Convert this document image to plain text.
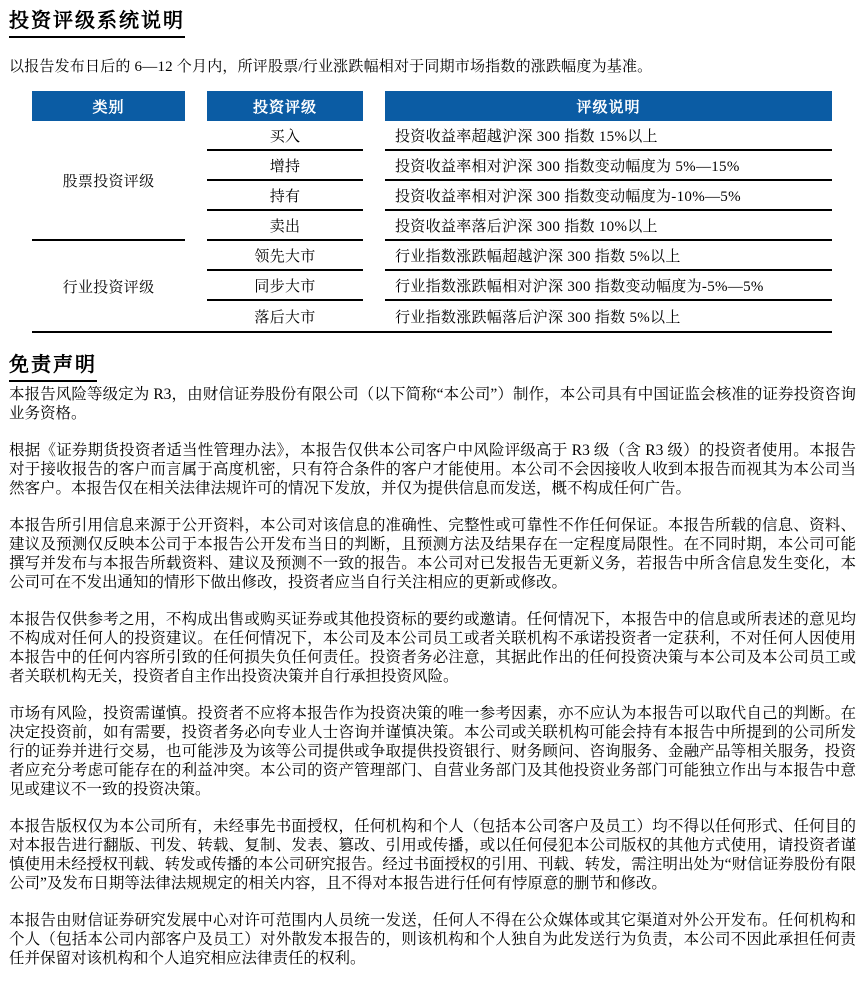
投资评级系统说明

以报告发布日后的 6—12 个月内，所评股票/行业涨跌幅相对于同期市场指数的涨跌幅度为基准。

类别	投资评级	评级说明
股票投资评级	买入	投资收益率超越沪深 300 指数 15%以上
	增持	投资收益率相对沪深 300 指数变动幅度为 5%—15%
	持有	投资收益率相对沪深 300 指数变动幅度为-10%—5%
	卖出	投资收益率落后沪深 300 指数 10%以上
行业投资评级	领先大市	行业指数涨跌幅超越沪深 300 指数 5%以上
	同步大市	行业指数涨跌幅相对沪深 300 指数变动幅度为-5%—5%
	落后大市	行业指数涨跌幅落后沪深 300 指数 5%以上
免责声明

本报告风险等级定为 R3，由财信证券股份有限公司（以下简称“本公司”）制作，本公司具有中国证监会核准的证券投资咨询业务资格。

根据《证券期货投资者适当性管理办法》，本报告仅供本公司客户中风险评级高于 R3 级（含 R3 级）的投资者使用。本报告对于接收报告的客户而言属于高度机密，只有符合条件的客户才能使用。本公司不会因接收人收到本报告而视其为本公司当然客户。本报告仅在相关法律法规许可的情况下发放，并仅为提供信息而发送，概不构成任何广告。

本报告所引用信息来源于公开资料，本公司对该信息的准确性、完整性或可靠性不作任何保证。本报告所载的信息、资料、建议及预测仅反映本公司于本报告公开发布当日的判断，且预测方法及结果存在一定程度局限性。在不同时期，本公司可能撰写并发布与本报告所载资料、建议及预测不一致的报告。本公司对已发报告无更新义务，若报告中所含信息发生变化，本公司可在不发出通知的情形下做出修改，投资者应当自行关注相应的更新或修改。

本报告仅供参考之用，不构成出售或购买证券或其他投资标的要约或邀请。任何情况下，本报告中的信息或所表述的意见均不构成对任何人的投资建议。在任何情况下，本公司及本公司员工或者关联机构不承诺投资者一定获利，不对任何人因使用本报告中的任何内容所引致的任何损失负任何责任。投资者务必注意，其据此作出的任何投资决策与本公司及本公司员工或者关联机构无关，投资者自主作出投资决策并自行承担投资风险。

市场有风险，投资需谨慎。投资者不应将本报告作为投资决策的唯一参考因素，亦不应认为本报告可以取代自己的判断。在决定投资前，如有需要，投资者务必向专业人士咨询并谨慎决策。本公司或关联机构可能会持有本报告中所提到的公司所发行的证券并进行交易，也可能涉及为该等公司提供或争取提供投资银行、财务顾问、咨询服务、金融产品等相关服务，投资者应充分考虑可能存在的利益冲突。本公司的资产管理部门、自营业务部门及其他投资业务部门可能独立作出与本报告中意见或建议不一致的投资决策。

本报告版权仅为本公司所有，未经事先书面授权，任何机构和个人（包括本公司客户及员工）均不得以任何形式、任何目的对本报告进行翻版、刊发、转载、复制、发表、篡改、引用或传播，或以任何侵犯本公司版权的其他方式使用，请投资者谨慎使用未经授权刊载、转发或传播的本公司研究报告。经过书面授权的引用、刊载、转发，需注明出处为“财信证券股份有限公司”及发布日期等法律法规规定的相关内容，且不得对本报告进行任何有悖原意的删节和修改。

本报告由财信证券研究发展中心对许可范围内人员统一发送，任何人不得在公众媒体或其它渠道对外公开发布。任何机构和个人（包括本公司内部客户及员工）对外散发本报告的，则该机构和个人独自为此发送行为负责，本公司不因此承担任何责任并保留对该机构和个人追究相应法律责任的权利。
